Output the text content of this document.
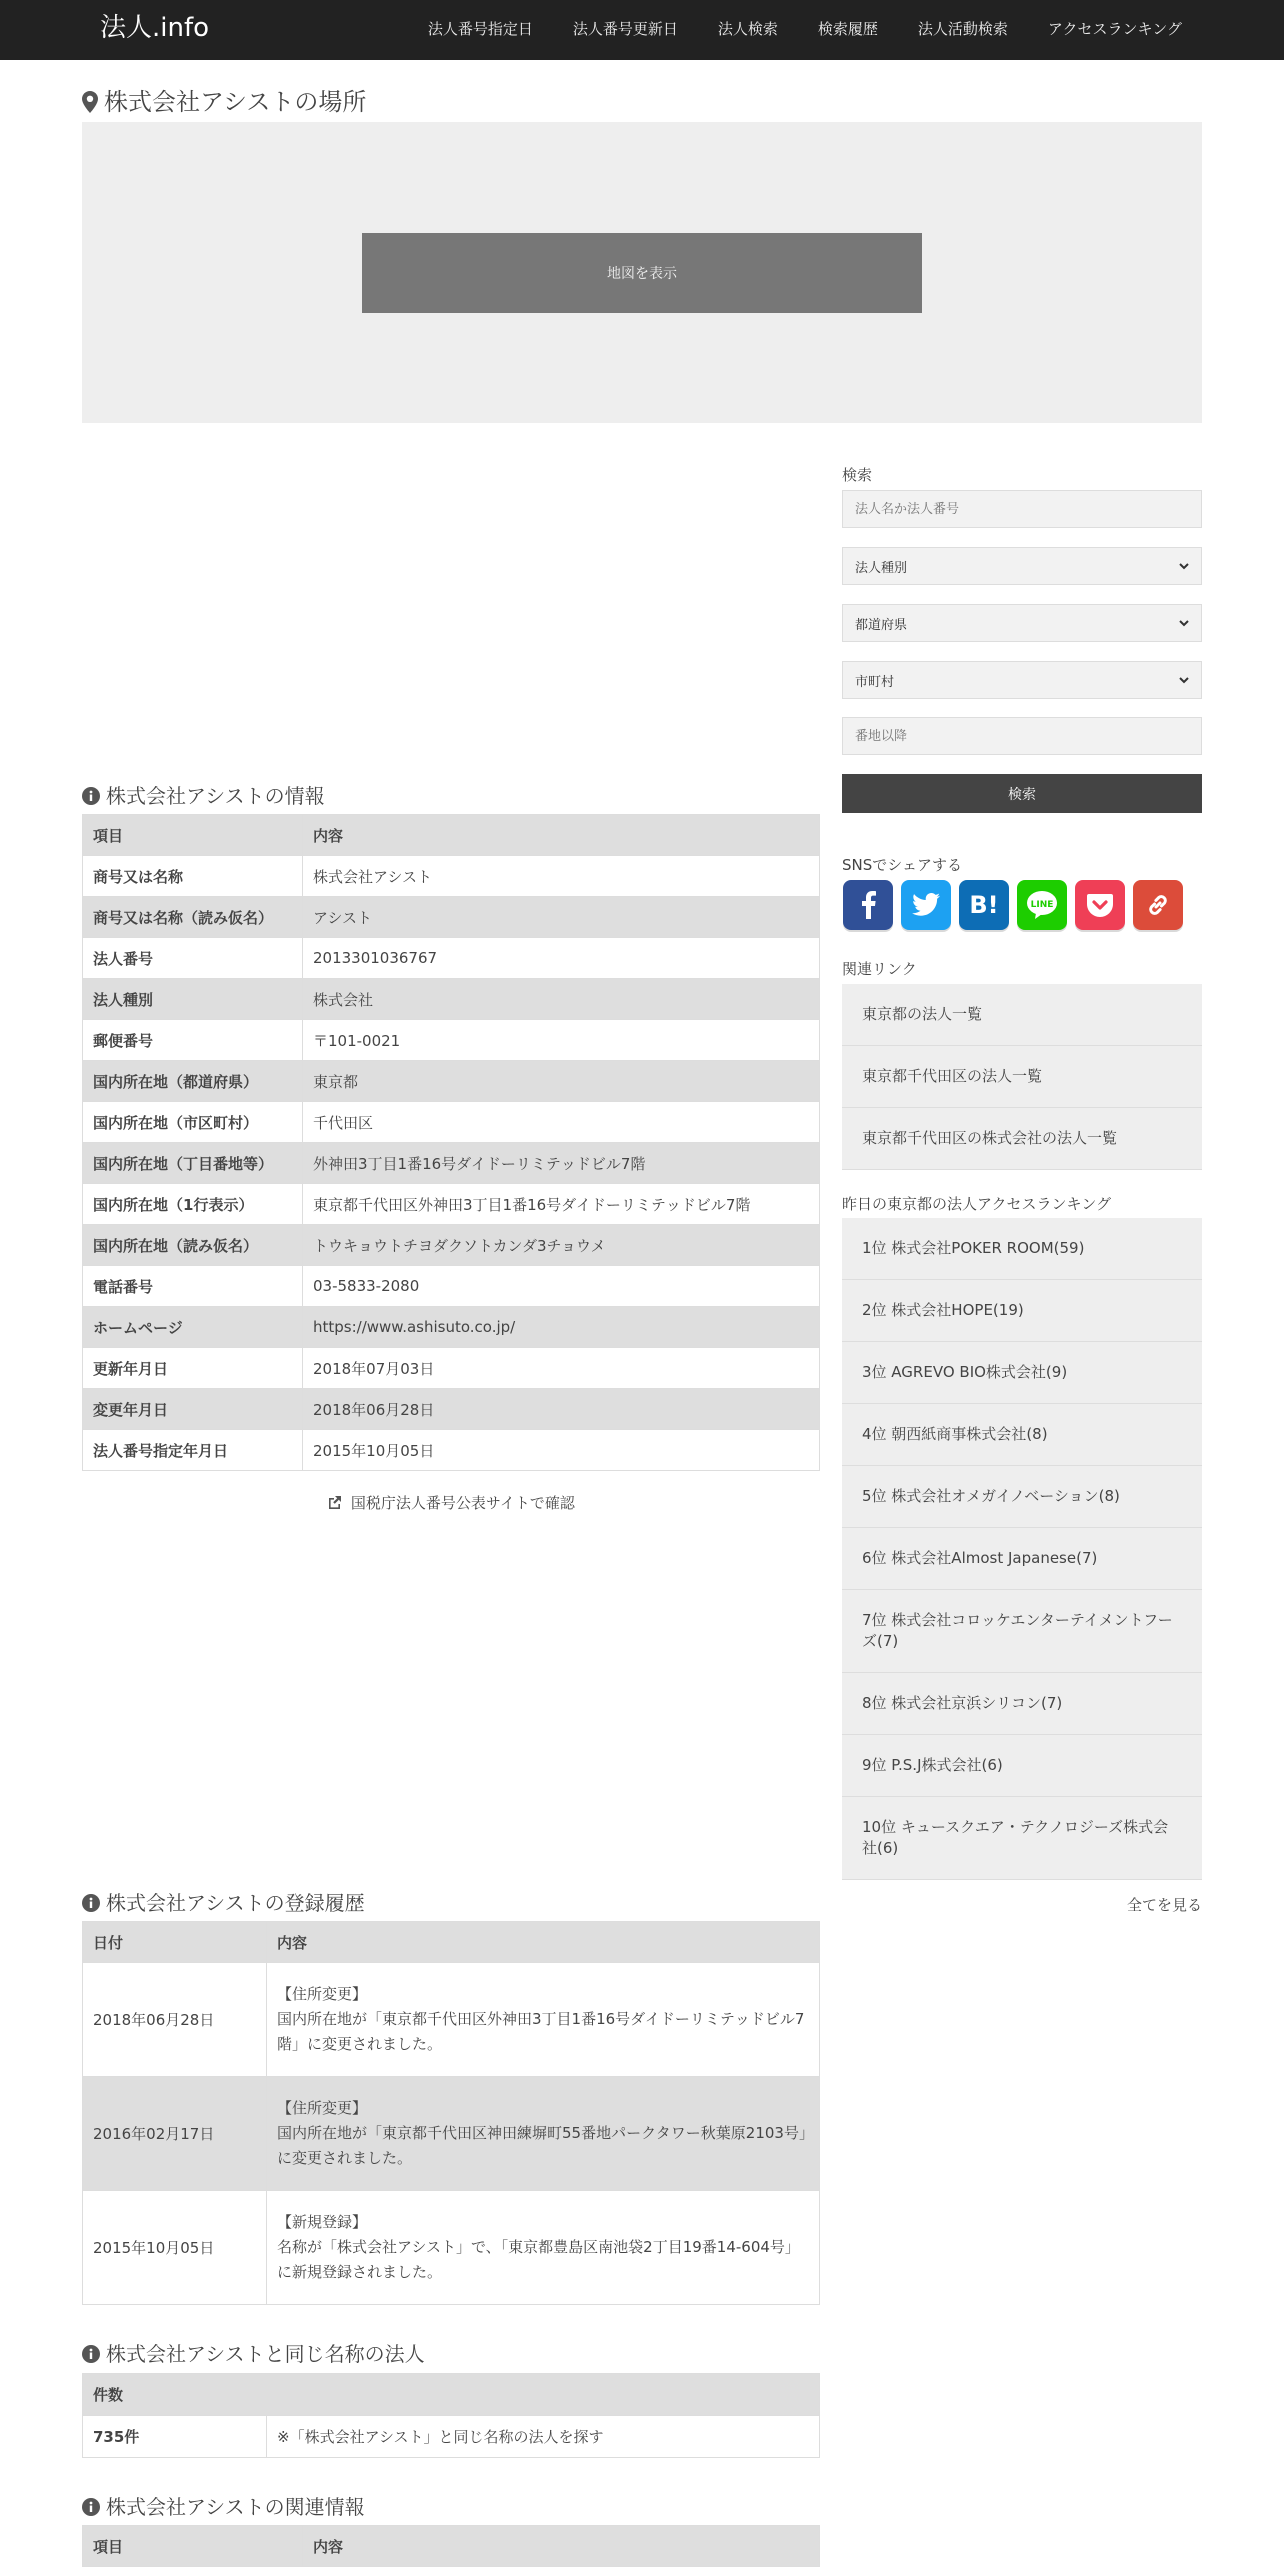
法人.info	法人番号指定日	法人番号更新日	法人検索	検索履歴	法人活動検索	アクセスランキング
株式会社アシストの場所
地図を表示
株式会社アシストの情報
項目	内容
商号又は名称	株式会社アシスト
商号又は名称（読み仮名）	アシスト
法人番号	2013301036767
法人種別	株式会社
郵便番号	〒101-0021
国内所在地（都道府県）	東京都
国内所在地（市区町村）	千代田区
国内所在地（丁目番地等）	外神田3丁目1番16号ダイドーリミテッドビル7階
国内所在地（1行表示）	東京都千代田区外神田3丁目1番16号ダイドーリミテッドビル7階
国内所在地（読み仮名）	トウキョウトチヨダクソトカンダ3チョウメ
電話番号	03-5833-2080
ホームページ	https://www.ashisuto.co.jp/
更新年月日	2018年07月03日
変更年月日	2018年06月28日
法人番号指定年月日	2015年10月05日
国税庁法人番号公表サイトで確認
株式会社アシストの登録履歴
日付	内容
2018年06月28日	【住所変更】
国内所在地が「東京都千代田区外神田3丁目1番16号ダイドーリミテッドビル7階」に変更されました。

2016年02月17日	【住所変更】
国内所在地が「東京都千代田区神田練塀町55番地パークタワー秋葉原2103号」に変更されました。

2015年10月05日	【新規登録】
名称が「株式会社アシスト」で、「東京都豊島区南池袋2丁目19番14-604号」に新規登録されました。
株式会社アシストと同じ名称の法人
件数
735件	※「株式会社アシスト」と同じ名称の法人を探す
株式会社アシストの関連情報
項目	内容
検索
法人名か法人番号
法人種別
都道府県
市町村
番地以降
検索
SNSでシェアする
B!	LINE
関連リンク
東京都の法人一覧
東京都千代田区の法人一覧
東京都千代田区の株式会社の法人一覧
昨日の東京都の法人アクセスランキング
1位 株式会社POKER ROOM(59)
2位 株式会社HOPE(19)
3位 AGREVO BIO株式会社(9)
4位 朝西紙商事株式会社(8)
5位 株式会社オメガイノベーション(8)
6位 株式会社Almost Japanese(7)
7位 株式会社コロッケエンターテイメントフーズ(7)
8位 株式会社京浜シリコン(7)
9位 P.S.J株式会社(6)
10位 キュースクエア・テクノロジーズ株式会社(6)
全てを見る
